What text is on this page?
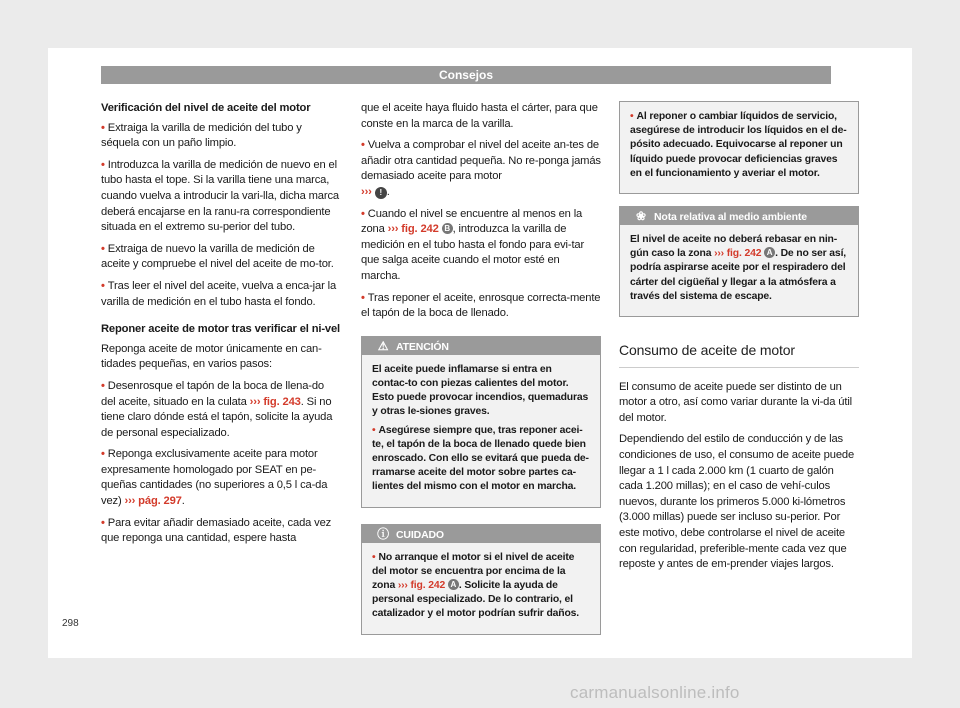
Consejos

Verificación del nivel de aceite del motor

• Extraiga la varilla de medición del tubo y séquela con un paño limpio.

• Introduzca la varilla de medición de nuevo en el tubo hasta el tope. Si la varilla tiene una marca, cuando vuelva a introducir la vari-lla, dicha marca deberá encajarse en la ranu-ra correspondiente situada en el extremo su-perior del tubo.

• Extraiga de nuevo la varilla de medición de aceite y compruebe el nivel del aceite de mo-tor.

• Tras leer el nivel del aceite, vuelva a enca-jar la varilla de medición en el tubo hasta el fondo.

Reponer aceite de motor tras verificar el ni-vel

Reponga aceite de motor únicamente en can-tidades pequeñas, en varios pasos:

• Desenrosque el tapón de la boca de llena-do del aceite, situado en la culata ››› fig. 243. Si no tiene claro dónde está el tapón, solicite la ayuda de personal especializado.

• Reponga exclusivamente aceite para motor expresamente homologado por SEAT en pe-queñas cantidades (no superiores a 0,5 l ca-da vez) ››› pág. 297.

• Para evitar añadir demasiado aceite, cada vez que reponga una cantidad, espere hasta

que el aceite haya fluido hasta el cárter, para que conste en la marca de la varilla.

• Vuelva a comprobar el nivel del aceite an-tes de añadir otra cantidad pequeña. No re-ponga jamás demasiado aceite para motor
››› ! .

• Cuando el nivel se encuentre al menos en la zona ››› fig. 242 B , introduzca la varilla de medición en el tubo hasta el fondo para evi-tar que salga aceite cuando el motor esté en marcha.

• Tras reponer el aceite, enrosque correcta-mente el tapón de la boca de llenado.

⚠ ATENCIÓN

El aceite puede inflamarse si entra en contac-to con piezas calientes del motor. Esto puede provocar incendios, quemaduras y otras le-siones graves.

• Asegúrese siempre que, tras reponer acei-te, el tapón de la boca de llenado quede bien enroscado. Con ello se evitará que pueda de-rramarse aceite del motor sobre partes ca-lientes del mismo con el motor en marcha.

ⓘ CUIDADO

• No arranque el motor si el nivel de aceite del motor se encuentra por encima de la zona ››› fig. 242 A . Solicite la ayuda de personal especializado. De lo contrario, el catalizador y el motor podrían sufrir daños.

• Al reponer o cambiar líquidos de servicio, asegúrese de introducir los líquidos en el de-pósito adecuado. Equivocarse al reponer un líquido puede provocar deficiencias graves en el funcionamiento y averiar el motor.

❀ Nota relativa al medio ambiente

El nivel de aceite no deberá rebasar en nin-gún caso la zona ››› fig. 242 A . De no ser así, podría aspirarse aceite por el respiradero del cárter del cigüeñal y llegar a la atmósfera a través del sistema de escape.

Consumo de aceite de motor

El consumo de aceite puede ser distinto de un motor a otro, así como variar durante la vi-da útil del motor.

Dependiendo del estilo de conducción y de las condiciones de uso, el consumo de aceite puede llegar a 1 l cada 2.000 km (1 cuarto de galón cada 1.200 millas); en el caso de vehí-culos nuevos, durante los primeros 5.000 ki-lómetros (3.000 millas) puede ser incluso su-perior. Por este motivo, debe controlarse el nivel de aceite con regularidad, preferible-mente cada vez que reposte y antes de em-prender viajes largos.

298
carmanualsonline.info
